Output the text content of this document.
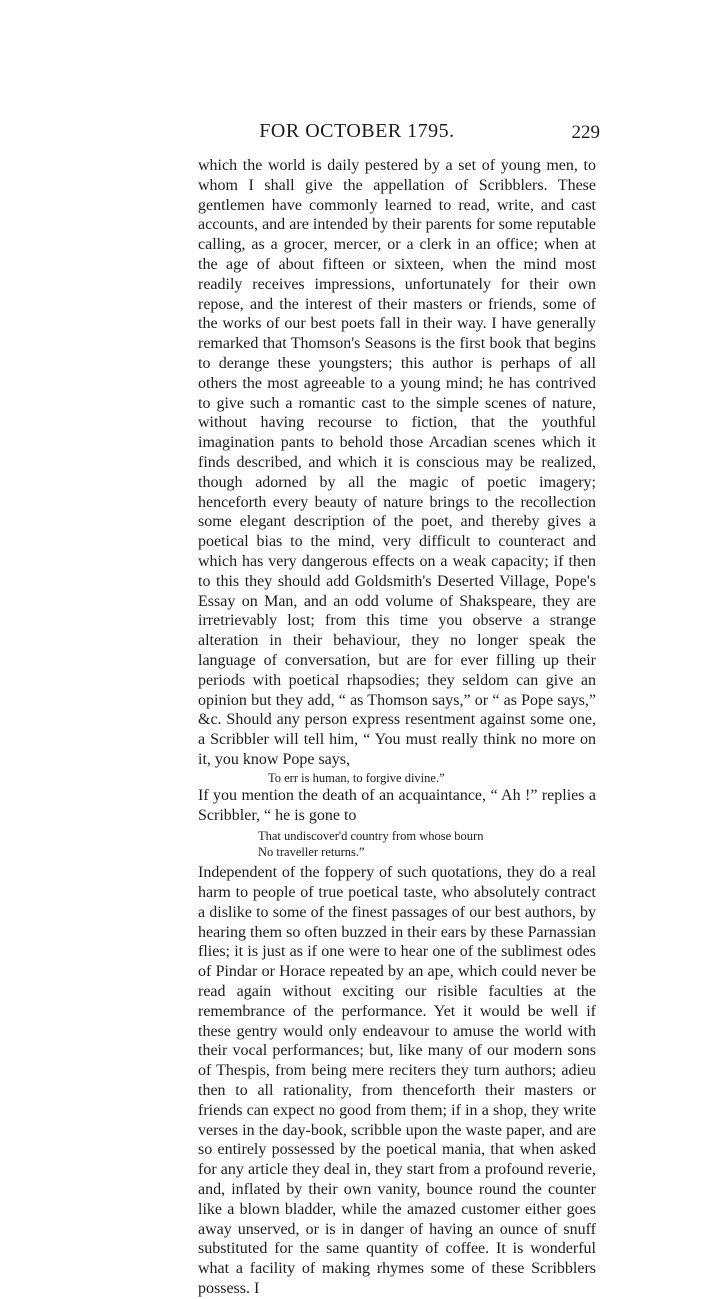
FOR OCTOBER 1795.	229

which the world is daily pestered by a set of young men, to whom I shall give the appellation of Scribblers. These gentlemen have commonly learned to read, write, and cast accounts, and are intended by their parents for some reputable calling, as a grocer, mercer, or a clerk in an office; when at the age of about fifteen or sixteen, when the mind most readily receives impressions, unfortunately for their own repose, and the interest of their masters or friends, some of the works of our best poets fall in their way. I have generally remarked that Thomson's Seasons is the first book that begins to derange these youngsters; this author is perhaps of all others the most agreeable to a young mind; he has contrived to give such a romantic cast to the simple scenes of nature, without having recourse to fiction, that the youthful imagination pants to behold those Arcadian scenes which it finds described, and which it is conscious may be realized, though adorned by all the magic of poetic imagery; henceforth every beauty of nature brings to the recollection some elegant description of the poet, and thereby gives a poetical bias to the mind, very difficult to counteract and which has very dangerous effects on a weak capacity; if then to this they should add Goldsmith's Deserted Village, Pope's Essay on Man, and an odd volume of Shakspeare, they are irretrievably lost; from this time you observe a strange alteration in their behaviour, they no longer speak the language of conversation, but are for ever filling up their periods with poetical rhapsodies; they seldom can give an opinion but they add, “ as Thomson says,” or “ as Pope says,” &c. Should any person express resentment against some one, a Scribbler will tell him, “ You must really think no more on it, you know Pope says,

To err is human, to forgive divine.”

If you mention the death of an acquaintance, “ Ah !” replies a Scribbler, “ he is gone to

That undiscover'd country from whose bourn
No traveller returns.”

Independent of the foppery of such quotations, they do a real harm to people of true poetical taste, who absolutely contract a dislike to some of the finest passages of our best authors, by hearing them so often buzzed in their ears by these Parnassian flies; it is just as if one were to hear one of the sublimest odes of Pindar or Horace repeated by an ape, which could never be read again without exciting our risible faculties at the remembrance of the performance. Yet it would be well if these gentry would only endeavour to amuse the world with their vocal performances; but, like many of our modern sons of Thespis, from being mere reciters they turn authors; adieu then to all rationality, from thenceforth their masters or friends can expect no good from them; if in a shop, they write verses in the day-book, scribble upon the waste paper, and are so entirely possessed by the poetical mania, that when asked for any article they deal in, they start from a profound reverie, and, inflated by their own vanity, bounce round the counter like a blown bladder, while the amazed customer either goes away unserved, or is in danger of having an ounce of snuff substituted for the same quantity of coffee. It is wonderful what a facility of making rhymes some of these Scribblers possess. I
